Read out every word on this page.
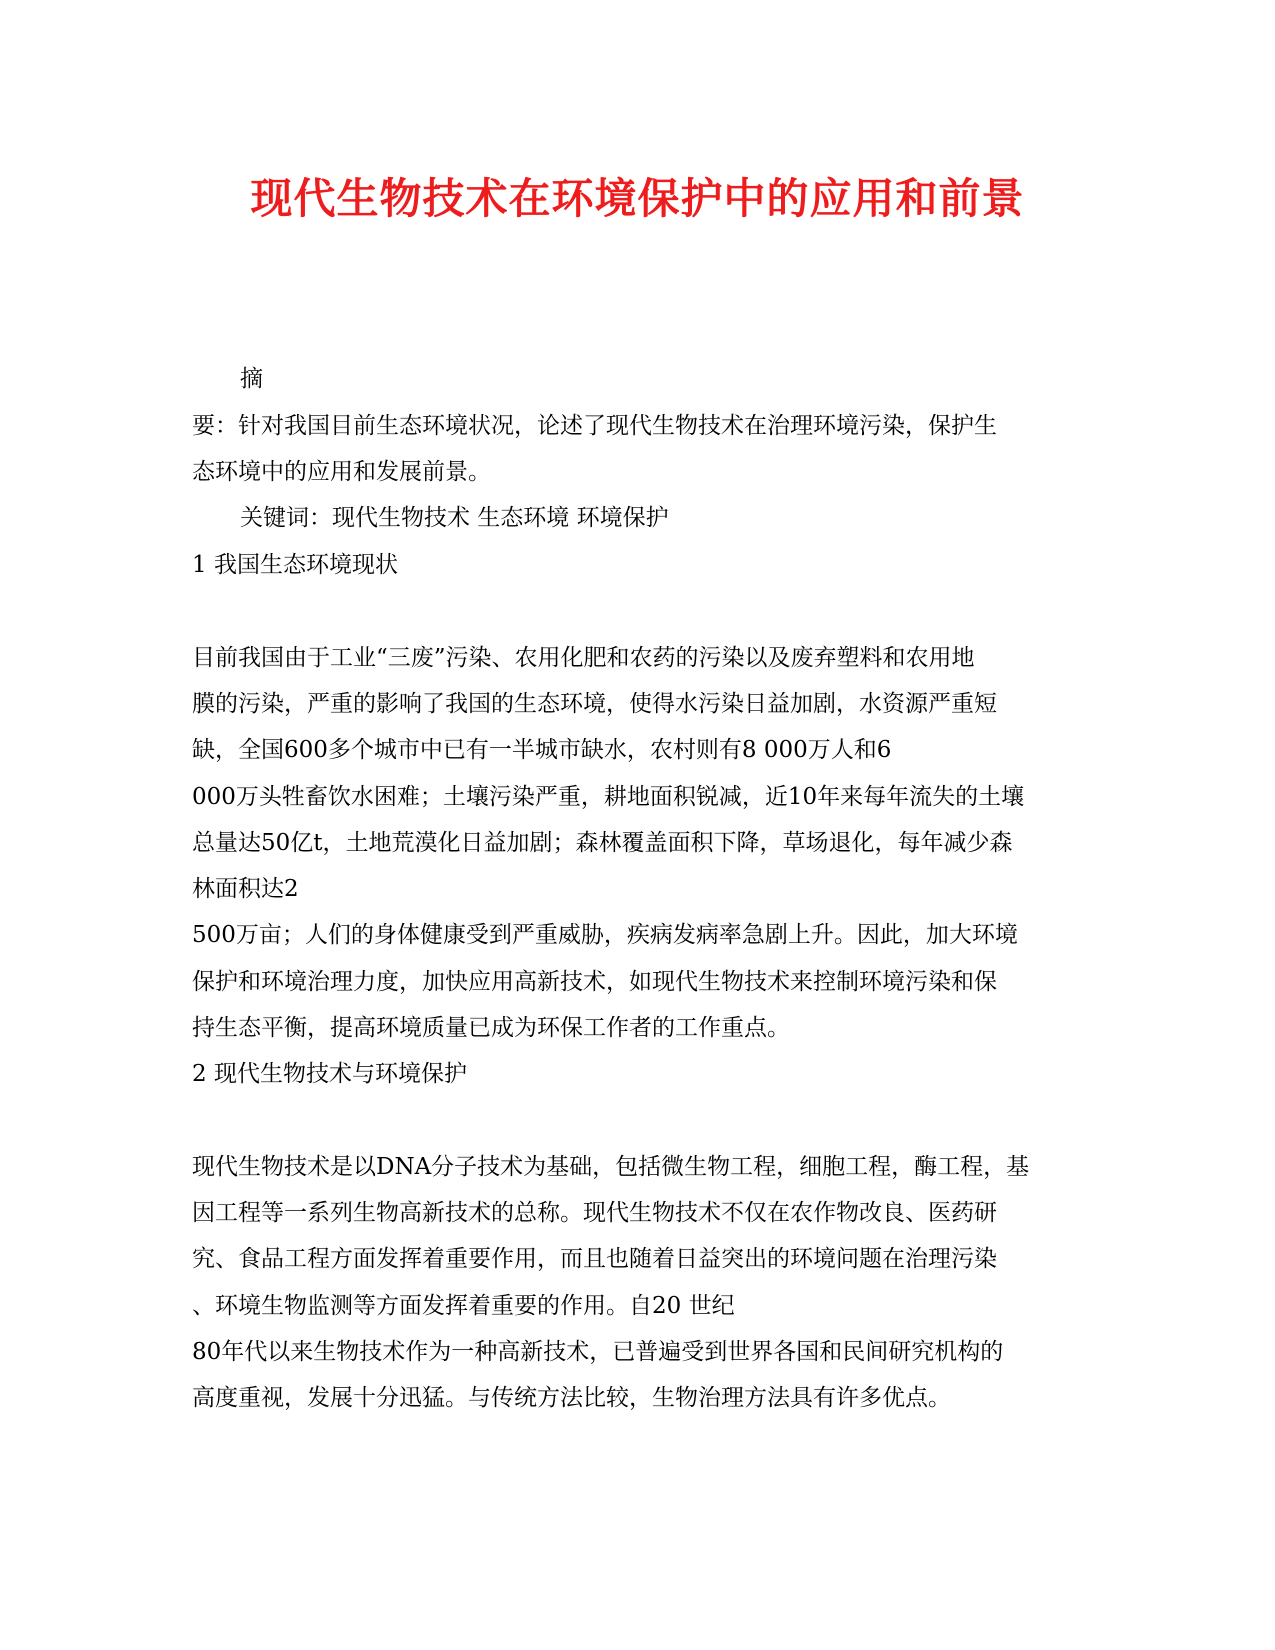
现代生物技术在环境保护中的应用和前景
摘
要：针对我国目前生态环境状况，论述了现代生物技术在治理环境污染，保护生
态环境中的应用和发展前景。
关键词：现代生物技术 生态环境 环境保护
1 我国生态环境现状
目前我国由于工业“三废”污染、农用化肥和农药的污染以及废弃塑料和农用地
膜的污染，严重的影响了我国的生态环境，使得水污染日益加剧，水资源严重短
缺，全国600多个城市中已有一半城市缺水，农村则有8 000万人和6
000万头牲畜饮水困难；土壤污染严重，耕地面积锐减，近10年来每年流失的土壤
总量达50亿t，土地荒漠化日益加剧；森林覆盖面积下降，草场退化，每年减少森
林面积达2
500万亩；人们的身体健康受到严重威胁，疾病发病率急剧上升。因此，加大环境
保护和环境治理力度，加快应用高新技术，如现代生物技术来控制环境污染和保
持生态平衡，提高环境质量已成为环保工作者的工作重点。
2 现代生物技术与环境保护
现代生物技术是以DNA分子技术为基础，包括微生物工程，细胞工程，酶工程，基
因工程等一系列生物高新技术的总称。现代生物技术不仅在农作物改良、医药研
究、食品工程方面发挥着重要作用，而且也随着日益突出的环境问题在治理污染
、环境生物监测等方面发挥着重要的作用。自20 世纪
80年代以来生物技术作为一种高新技术，已普遍受到世界各国和民间研究机构的
高度重视，发展十分迅猛。与传统方法比较，生物治理方法具有许多优点。
